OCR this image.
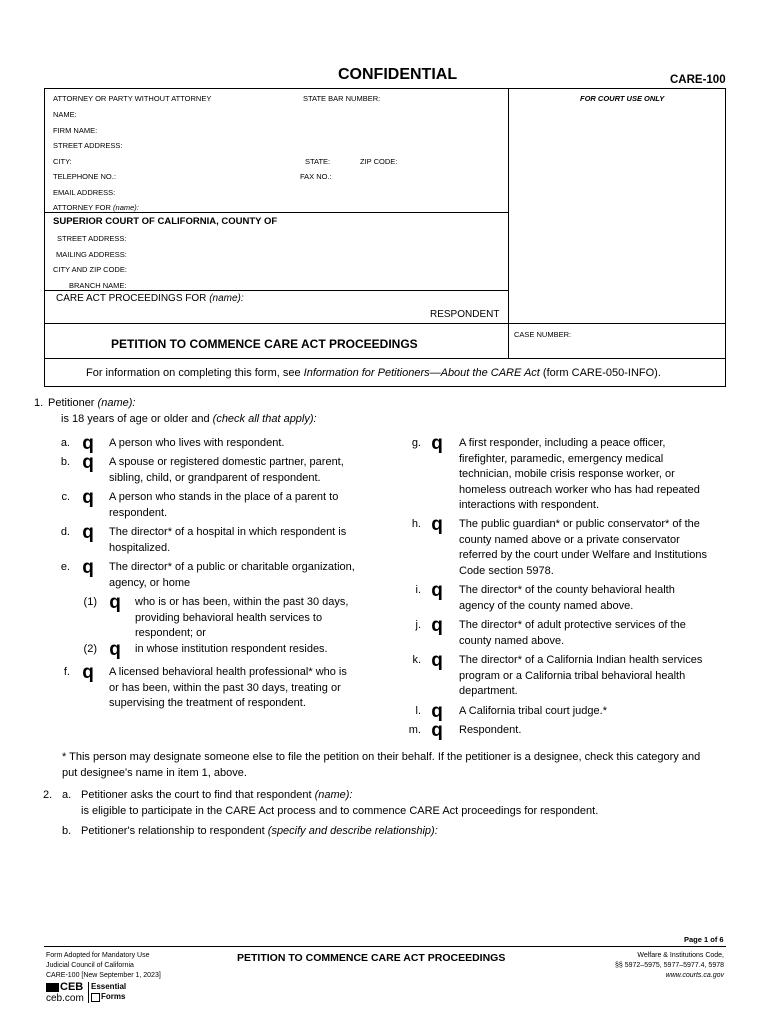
CONFIDENTIAL	CARE-100
ATTORNEY OR PARTY WITHOUT ATTORNEY	STATE BAR NUMBER:	FOR COURT USE ONLY
NAME:
FIRM NAME:
STREET ADDRESS:
CITY:	STATE:	ZIP CODE:
TELEPHONE NO.:	FAX NO.:
EMAIL ADDRESS:
ATTORNEY FOR (name):
SUPERIOR COURT OF CALIFORNIA, COUNTY OF
STREET ADDRESS:
MAILING ADDRESS:
CITY AND ZIP CODE:
BRANCH NAME:
CARE ACT PROCEEDINGS FOR (name):
RESPONDENT
PETITION TO COMMENCE CARE ACT PROCEEDINGS
CASE NUMBER:
For information on completing this form, see Information for Petitioners—About the CARE Act (form CARE-050-INFO).
1. Petitioner (name):
is 18 years of age or older and (check all that apply):
a. q A person who lives with respondent.
b. q A spouse or registered domestic partner, parent,
sibling, child, or grandparent of respondent.
c. q A person who stands in the place of a parent to
respondent.
d. q The director* of a hospital in which respondent is
hospitalized.
e. q The director* of a public or charitable organization,
agency, or home
(1) q who is or has been, within the past 30 days,
providing behavioral health services to
respondent; or
(2) q in whose institution respondent resides.
f. q A licensed behavioral health professional* who is
or has been, within the past 30 days, treating or
supervising the treatment of respondent.
g. q A first responder, including a peace officer,
firefighter, paramedic, emergency medical
technician, mobile crisis response worker, or
homeless outreach worker who has had repeated
interactions with respondent.
h. q The public guardian* or public conservator* of the
county named above or a private conservator
referred by the court under Welfare and Institutions
Code section 5978.
i. q The director* of the county behavioral health
agency of the county named above.
j. q The director* of adult protective services of the
county named above.
k. q The director* of a California Indian health services
program or a California tribal behavioral health
department.
l. q A California tribal court judge.*
m. q Respondent.
* This person may designate someone else to file the petition on their behalf. If the petitioner is a designee, check this category and
put designee's name in item 1, above.
2. a. Petitioner asks the court to find that respondent (name):
is eligible to participate in the CARE Act process and to commence CARE Act proceedings for respondent.
b. Petitioner's relationship to respondent (specify and describe relationship):
Page 1 of 6
Form Adopted for Mandatory Use
Judicial Council of California
CARE-100 [New September 1, 2023]
PETITION TO COMMENCE CARE ACT PROCEEDINGS	Welfare & Institutions Code,
§§ 5972–5975, 5977–5977.4, 5978
www.courts.ca.gov
CEB
ceb.com
Essential
Forms
